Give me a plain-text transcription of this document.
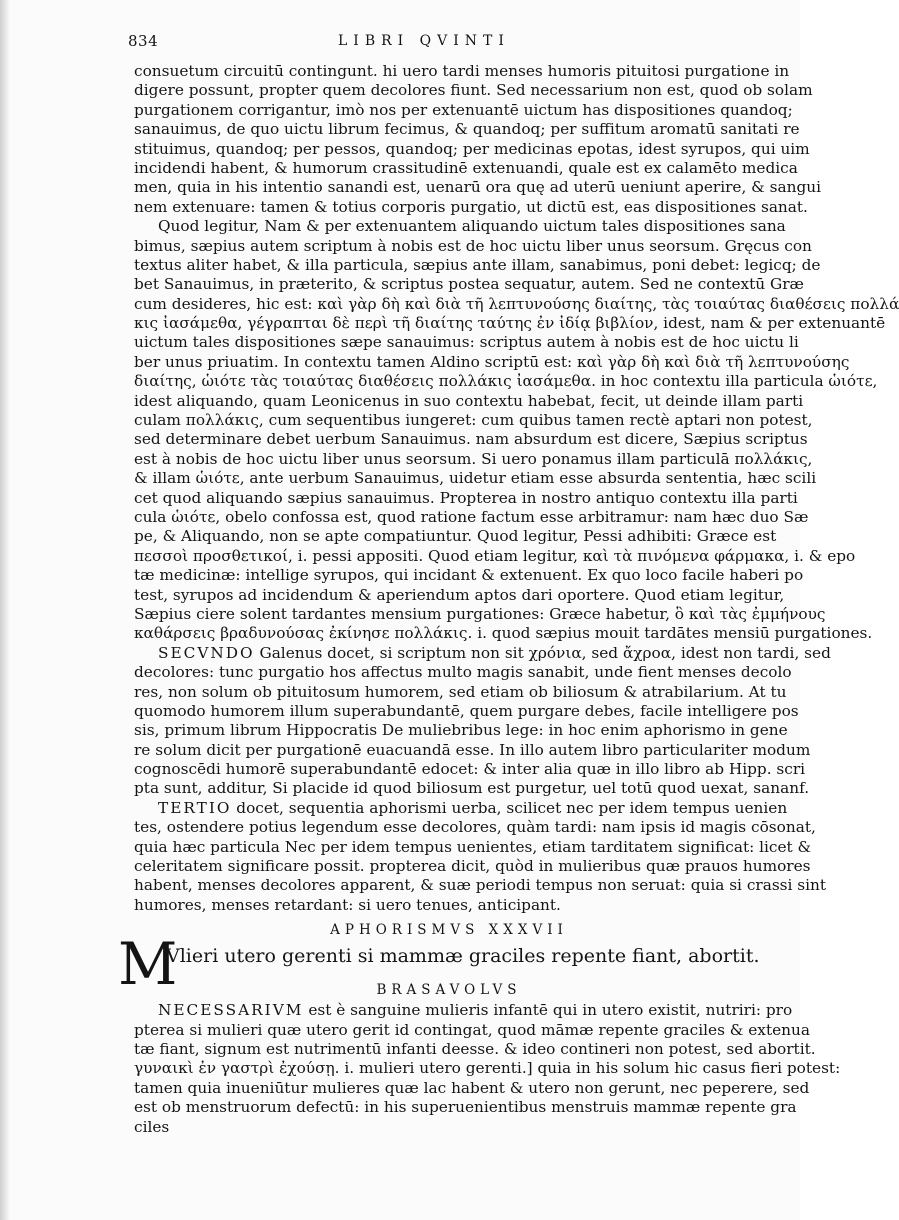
834	LIBRI QVINTI
consuetum circuitū contingunt. hi uero tardi menses humoris pituitosi purgatione in
digere possunt, propter quem decolores fiunt. Sed necessarium non est, quod ob solam
purgationem corrigantur, imò nos per extenuantē uictum has dispositiones quandoq;
sanauimus, de quo uictu librum fecimus, & quandoq; per suffitum aromatū sanitati re
stituimus, quandoq; per pessos, quandoq; per medicinas epotas, idest syrupos, qui uim
incidendi habent, & humorum crassitudinē extenuandi, quale est ex calamēto medica
men, quia in his intentio sanandi est, uenarū ora quę ad uterū ueniunt aperire, & sangui
nem extenuare: tamen & totius corporis purgatio, ut dictū est, eas dispositiones sanat.
Quod legitur, Nam & per extenuantem aliquando uictum tales dispositiones sana
bimus, sæpius autem scriptum à nobis est de hoc uictu liber unus seorsum. Gręcus con
textus aliter habet, & illa particula, sæpius ante illam, sanabimus, poni debet: legicq; de
bet Sanauimus, in præterito, & scriptus postea sequatur, autem. Sed ne contextū Græ
cum desideres, hic est: καὶ γὰρ δὴ καὶ διὰ τῆ λεπτυνούσης διαίτης, τὰς τοιαύτας διαθέσεις πολλά
κις ἰασάμεθα, γέγραπται δὲ περὶ τῆ διαίτης ταύτης ἐν ἰδίᾳ βιβλίον, idest, nam & per extenuantē
uictum tales dispositiones sæpe sanauimus: scriptus autem à nobis est de hoc uictu li
ber unus priuatim. In contextu tamen Aldino scriptū est: καὶ γὰρ δὴ καὶ διὰ τῆ λεπτυνούσης
διαίτης, ὡιότε τὰς τοιαύτας διαθέσεις πολλάκις ἰασάμεθα. in hoc contextu illa particula ὡιότε,
idest aliquando, quam Leonicenus in suo contextu habebat, fecit, ut deinde illam parti
culam πολλάκις, cum sequentibus iungeret: cum quibus tamen rectè aptari non potest,
sed determinare debet uerbum Sanauimus. nam absurdum est dicere, Sæpius scriptus
est à nobis de hoc uictu liber unus seorsum. Si uero ponamus illam particulā πολλάκις,
& illam ὡιότε, ante uerbum Sanauimus, uidetur etiam esse absurda sententia, hæc scili
cet quod aliquando sæpius sanauimus. Propterea in nostro antiquo contextu illa parti
cula ὡιότε, obelo confossa est, quod ratione factum esse arbitramur: nam hæc duo Sæ
pe, & Aliquando, non se apte compatiuntur. Quod legitur, Pessi adhibiti: Græce est
πεσσοὶ προσθετικοί, i. pessi appositi. Quod etiam legitur, καὶ τὰ πινόμενα φάρμακα, i. & epo
tæ medicinæ: intellige syrupos, qui incidant & extenuent. Ex quo loco facile haberi po
test, syrupos ad incidendum & aperiendum aptos dari oportere. Quod etiam legitur,
Sæpius ciere solent tardantes mensium purgationes: Græce habetur, ὃ καὶ τὰς ἐμμήνους
καθάρσεις βραδυνούσας ἐκίνησε πολλάκις. i. quod sæpius mouit tardātes mensiū purgationes.
SECVNDO Galenus docet, si scriptum non sit χρόνια, sed ἄχροα, idest non tardi, sed
decolores: tunc purgatio hos affectus multo magis sanabit, unde fient menses decolo
res, non solum ob pituitosum humorem, sed etiam ob biliosum & atrabilarium. At tu
quomodo humorem illum superabundantē, quem purgare debes, facile intelligere pos
sis, primum librum Hippocratis De muliebribus lege: in hoc enim aphorismo in gene
re solum dicit per purgationē euacuandā esse. In illo autem libro particulariter modum
cognoscēdi humorē superabundantē edocet: & inter alia quæ in illo libro ab Hipp. scri
pta sunt, additur, Si placide id quod biliosum est purgetur, uel totū quod uexat, sananf.
TERTIO docet, sequentia aphorismi uerba, scilicet nec per idem tempus uenien
tes, ostendere potius legendum esse decolores, quàm tardi: nam ipsis id magis cōsonat,
quia hæc particula Nec per idem tempus uenientes, etiam tarditatem significat: licet &
celeritatem significare possit. propterea dicit, quòd in mulieribus quæ prauos humores
habent, menses decolores apparent, & suæ periodi tempus non seruat: quia si crassi sint
humores, menses retardant: si uero tenues, anticipant.
APHORISMVS XXXVII
M
Vlieri utero gerenti si mammæ graciles repente fiant, abortit.
BRASAVOLVS
NECESSARIVM est è sanguine mulieris infantē qui in utero existit, nutriri: pro
pterea si mulieri quæ utero gerit id contingat, quod māmæ repente graciles & extenua
tæ fiant, signum est nutrimentū infanti deesse. & ideo contineri non potest, sed abortit.
γυναικὶ ἐν γαστρὶ ἐχούσῃ. i. mulieri utero gerenti.] quia in his solum hic casus fieri potest:
tamen quia inueniūtur mulieres quæ lac habent & utero non gerunt, nec peperere, sed
est ob menstruorum defectū: in his superuenientibus menstruis mammæ repente gra
ciles
